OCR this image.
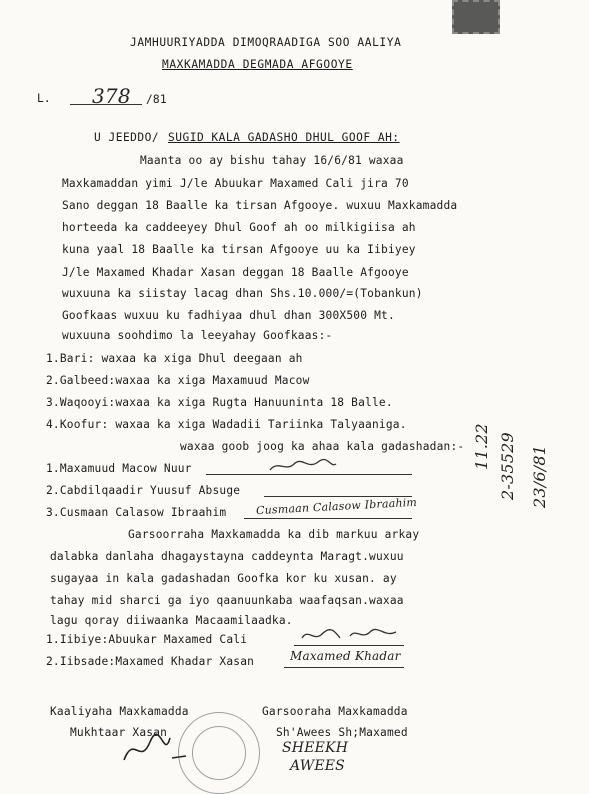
JAMHUURIYADDA DIMOQRAADIGA SOO AALIYA
MAXKAMADDA DEGMADA AFGOOYE
L. 378 /81
U JEEDDO/ SUGID KALA GADASHO DHUL GOOF AH:
Maanta oo ay bishu tahay 16/6/81 waxaa
Maxkamaddan yimi J/le Abuukar Maxamed Cali jira 70
Sano deggan 18 Baalle ka tirsan Afgooye. wuxuu Maxkamadda
horteeda ka caddeeyey Dhul Goof ah oo milkigiisa ah
kuna yaal 18 Baalle ka tirsan Afgooye uu ka Iibiyey
J/le Maxamed Khadar Xasan deggan 18 Baalle Afgooye
wuxuuna ka siistay lacag dhan Shs.10.000/=(Tobankun)
Goofkaas wuxuu ku fadhiyaa dhul dhan 300X500 Mt.
wuxuuna soohdimo la leeyahay Goofkaas:-
1.Bari: waxaa ka xiga Dhul deegaan ah
2.Galbeed:waxaa ka xiga Maxamuud Macow
3.Waqooyi:waxaa ka xiga Rugta Hanuuninta 18 Balle.
4.Koofur: waxaa ka xiga Wadadii Tariinka Talyaaniga.
waxaa goob joog ka ahaa kala gadashadan:-
1.Maxamuud Macow Nuur
2.Cabdilqaadir Yuusuf Absuge
3.Cusmaan Calasow Ibraahim	Cusmaan Calasow Ibraahim
Garsoorraha Maxkamadda ka dib markuu arkay
dalabka danlaha dhagaystayna caddeynta Maragt.wuxuu
sugayaa in kala gadashadan Goofka kor ku xusan. ay
tahay mid sharci ga iyo qaanuunkaba waafaqsan.waxaa
lagu qoray diiwaanka Macaamilaadka.
1.Iibiye:Abuukar Maxamed Cali
2.Iibsade:Maxamed Khadar Xasan	Maxamed Khadar
Kaaliyaha Maxkamadda
Mukhtaar Xasan
Garsooraha Maxkamadda
Sh'Awees Sh;Maxamed
SHEEKH
AWEES
11.22 2-35529 23/6/81
